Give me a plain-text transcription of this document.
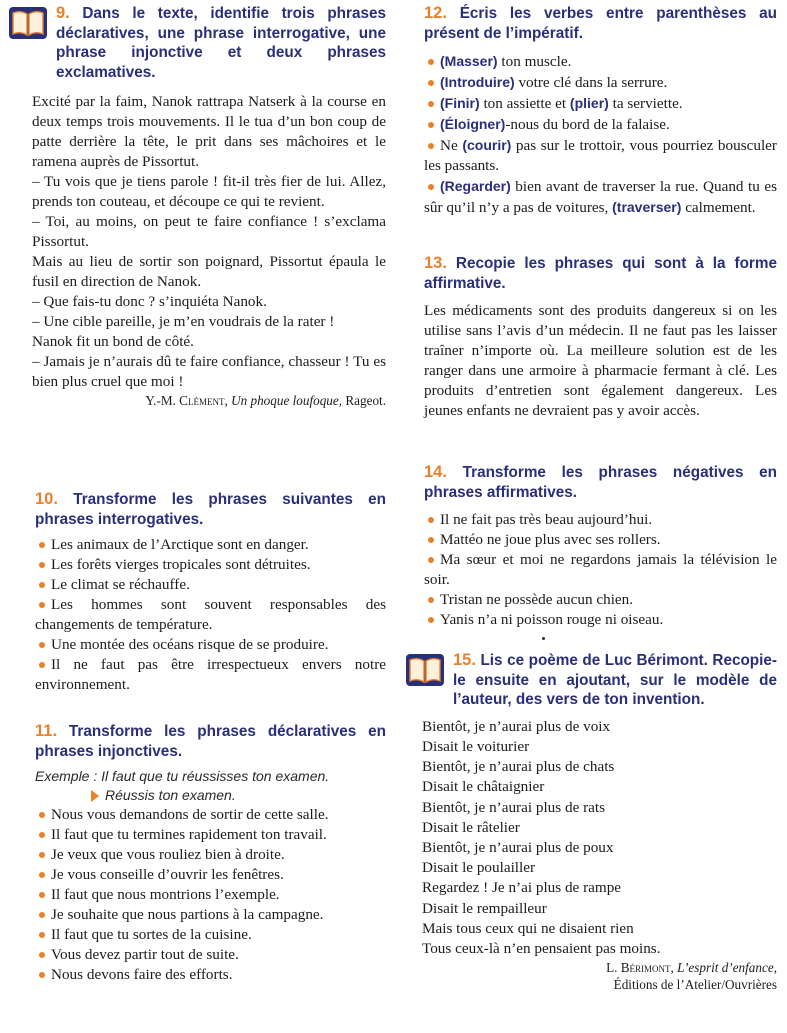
9. Dans le texte, identifie trois phrases déclaratives, une phrase interrogative, une phrase injonctive et deux phrases exclamatives.

Excité par la faim, Nanok rattrapa Natserk à la course en deux temps trois mouvements. Il le tua d’un bon coup de patte derrière la tête, le prit dans ses mâchoires et le ramena auprès de Pissortut.

– Tu vois que je tiens parole ! fit-il très fier de lui. Allez, prends ton couteau, et découpe ce qui te revient.

– Toi, au moins, on peut te faire confiance ! s’exclama Pissortut.

Mais au lieu de sortir son poignard, Pissortut épaula le fusil en direction de Nanok.

– Que fais-tu donc ? s’inquiéta Nanok.

– Une cible pareille, je m’en voudrais de la rater !

Nanok fit un bond de côté.

– Jamais je n’aurais dû te faire confiance, chasseur ! Tu es bien plus cruel que moi !

Y.-M. Clément, Un phoque loufoque, Rageot.

10. Transforme les phrases suivantes en phrases interrogatives.
Les animaux de l’Arctique sont en danger.
Les forêts vierges tropicales sont détruites.
Le climat se réchauffe.
Les hommes sont souvent responsables des changements de température.
Une montée des océans risque de se produire.
Il ne faut pas être irrespectueux envers notre environnement.
11. Transforme les phrases déclaratives en phrases injonctives.
Exemple : Il faut que tu réussisses ton examen.
Réussis ton examen.
Nous vous demandons de sortir de cette salle.
Il faut que tu termines rapidement ton travail.
Je veux que vous rouliez bien à droite.
Je vous conseille d’ouvrir les fenêtres.
Il faut que nous montrions l’exemple.
Je souhaite que nous partions à la campagne.
Il faut que tu sortes de la cuisine.
Vous devez partir tout de suite.
Nous devons faire des efforts.
12. Écris les verbes entre parenthèses au présent de l’impératif.
(Masser) ton muscle.
(Introduire) votre clé dans la serrure.
(Finir) ton assiette et (plier) ta serviette.
(Éloigner)-nous du bord de la falaise.
Ne (courir) pas sur le trottoir, vous pourriez bousculer les passants.
(Regarder) bien avant de traverser la rue. Quand tu es sûr qu’il n’y a pas de voitures, (traverser) calmement.
13. Recopie les phrases qui sont à la forme affirmative.

Les médicaments sont des produits dangereux si on les utilise sans l’avis d’un médecin. Il ne faut pas les laisser traîner n’importe où. La meilleure solution est de les ranger dans une armoire à pharmacie fermant à clé. Les produits d’entretien sont également dangereux. Les jeunes enfants ne devraient pas y avoir accès.

14. Transforme les phrases négatives en phrases affirmatives.
Il ne fait pas très beau aujourd’hui.
Mattéo ne joue plus avec ses rollers.
Ma sœur et moi ne regardons jamais la télévision le soir.
Tristan ne possède aucun chien.
Yanis n’a ni poisson rouge ni oiseau.
15. Lis ce poème de Luc Bérimont. Recopie-le ensuite en ajoutant, sur le modèle de l’auteur, des vers de ton invention.
Bientôt, je n’aurai plus de voix
Disait le voiturier
Bientôt, je n’aurai plus de chats
Disait le châtaignier
Bientôt, je n’aurai plus de rats
Disait le râtelier
Bientôt, je n’aurai plus de poux
Disait le poulailler
Regardez ! Je n’ai plus de rampe
Disait le rempailleur
Mais tous ceux qui ne disaient rien
Tous ceux-là n’en pensaient pas moins.
L. Bérimont, L’esprit d’enfance,
Éditions de l’Atelier/Ouvrières
